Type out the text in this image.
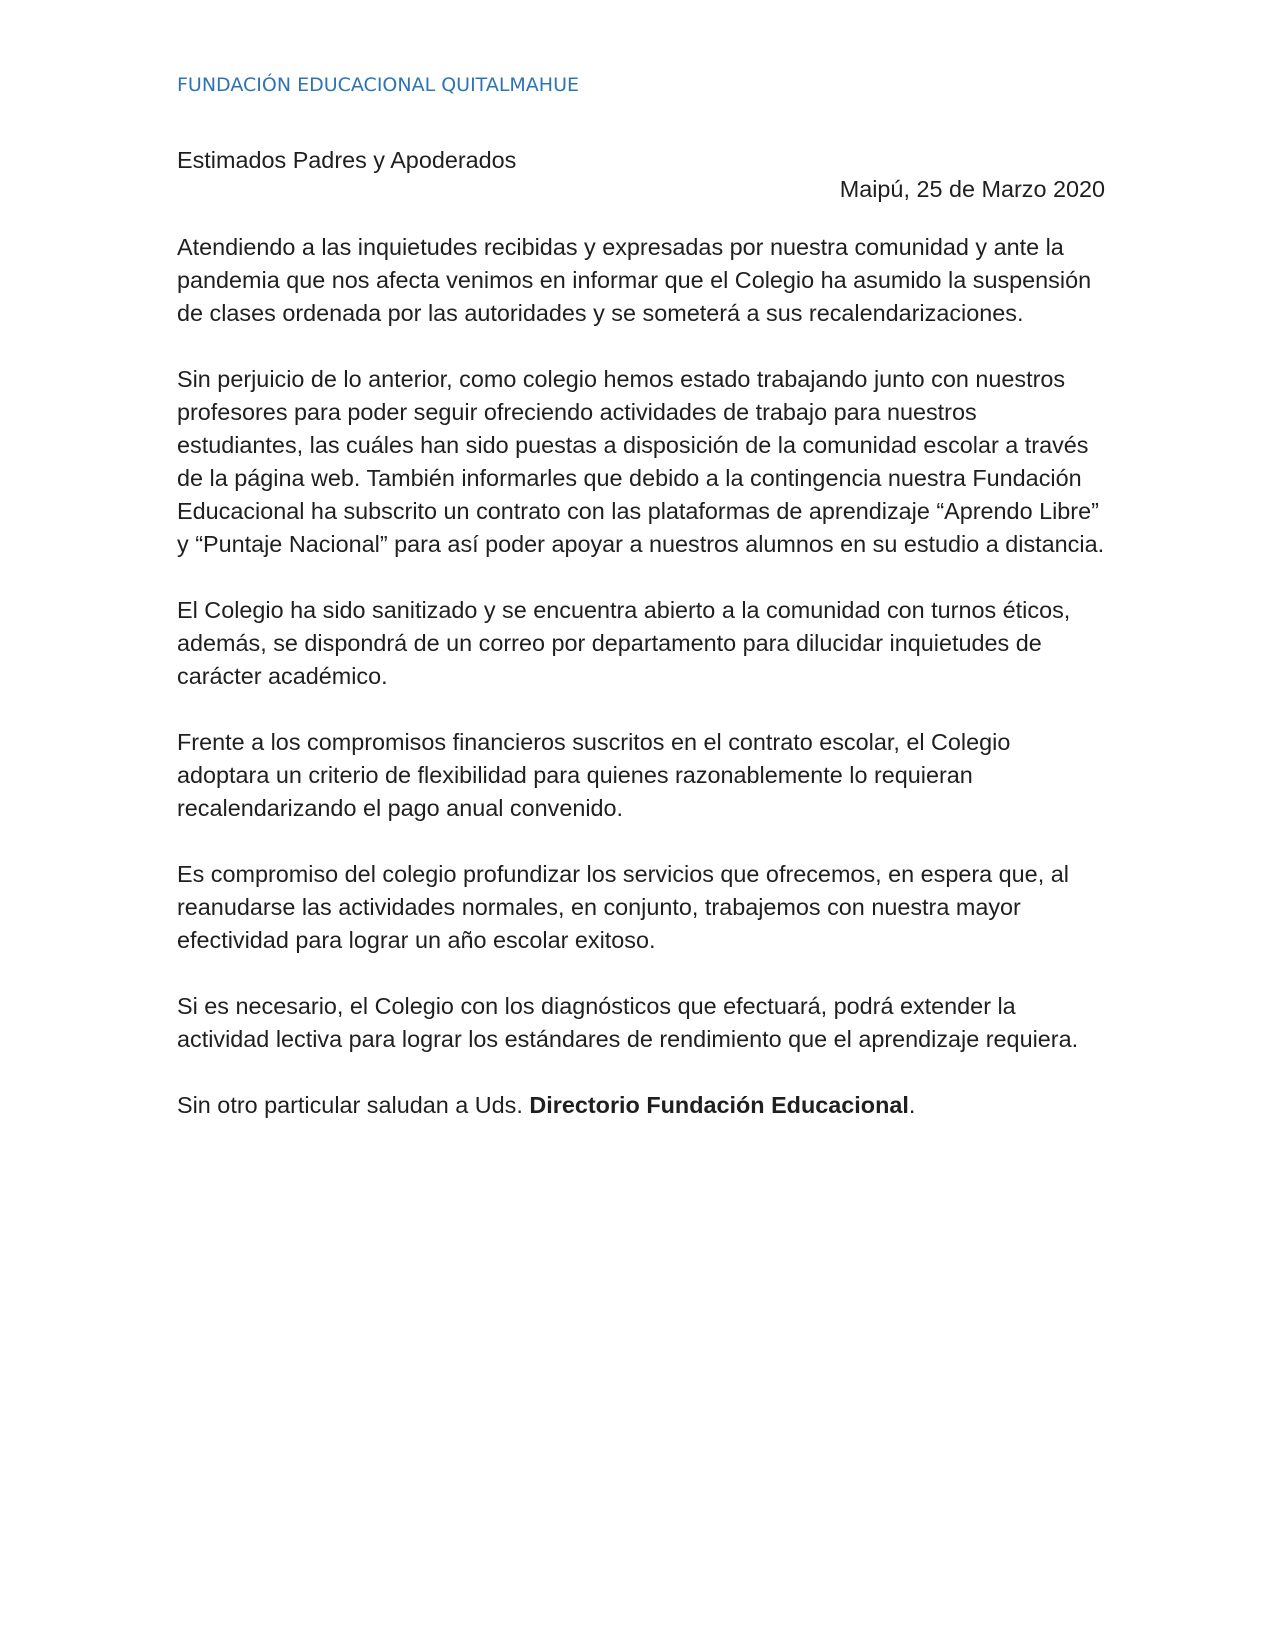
FUNDACIÓN EDUCACIONAL QUITALMAHUE

Estimados Padres y Apoderados

Maipú, 25 de Marzo 2020

Atendiendo a las inquietudes recibidas y expresadas por nuestra comunidad y ante la pandemia que nos afecta venimos en informar que el Colegio ha asumido la suspensión de clases ordenada por las autoridades y se someterá a sus recalendarizaciones.

Sin perjuicio de lo anterior, como colegio hemos estado trabajando junto con nuestros profesores para poder seguir ofreciendo actividades de trabajo para nuestros estudiantes, las cuáles han sido puestas a disposición de la comunidad escolar a través de la página web. También informarles que debido a la contingencia nuestra Fundación Educacional ha subscrito un contrato con las plataformas de aprendizaje “Aprendo Libre” y “Puntaje Nacional” para así poder apoyar a nuestros alumnos en su estudio a distancia.

El Colegio ha sido sanitizado y se encuentra abierto a la comunidad con turnos éticos, además, se dispondrá de un correo por departamento para dilucidar inquietudes de carácter académico.

Frente a los compromisos financieros suscritos en el contrato escolar, el Colegio adoptara un criterio de flexibilidad para quienes razonablemente lo requieran recalendarizando el pago anual convenido.

Es compromiso del colegio profundizar los servicios que ofrecemos, en espera que, al reanudarse las actividades normales, en conjunto, trabajemos con nuestra mayor efectividad para lograr un año escolar exitoso.

Si es necesario, el Colegio con los diagnósticos que efectuará, podrá extender la actividad lectiva para lograr los estándares de rendimiento que el aprendizaje requiera.

Sin otro particular saludan a Uds. Directorio Fundación Educacional.
